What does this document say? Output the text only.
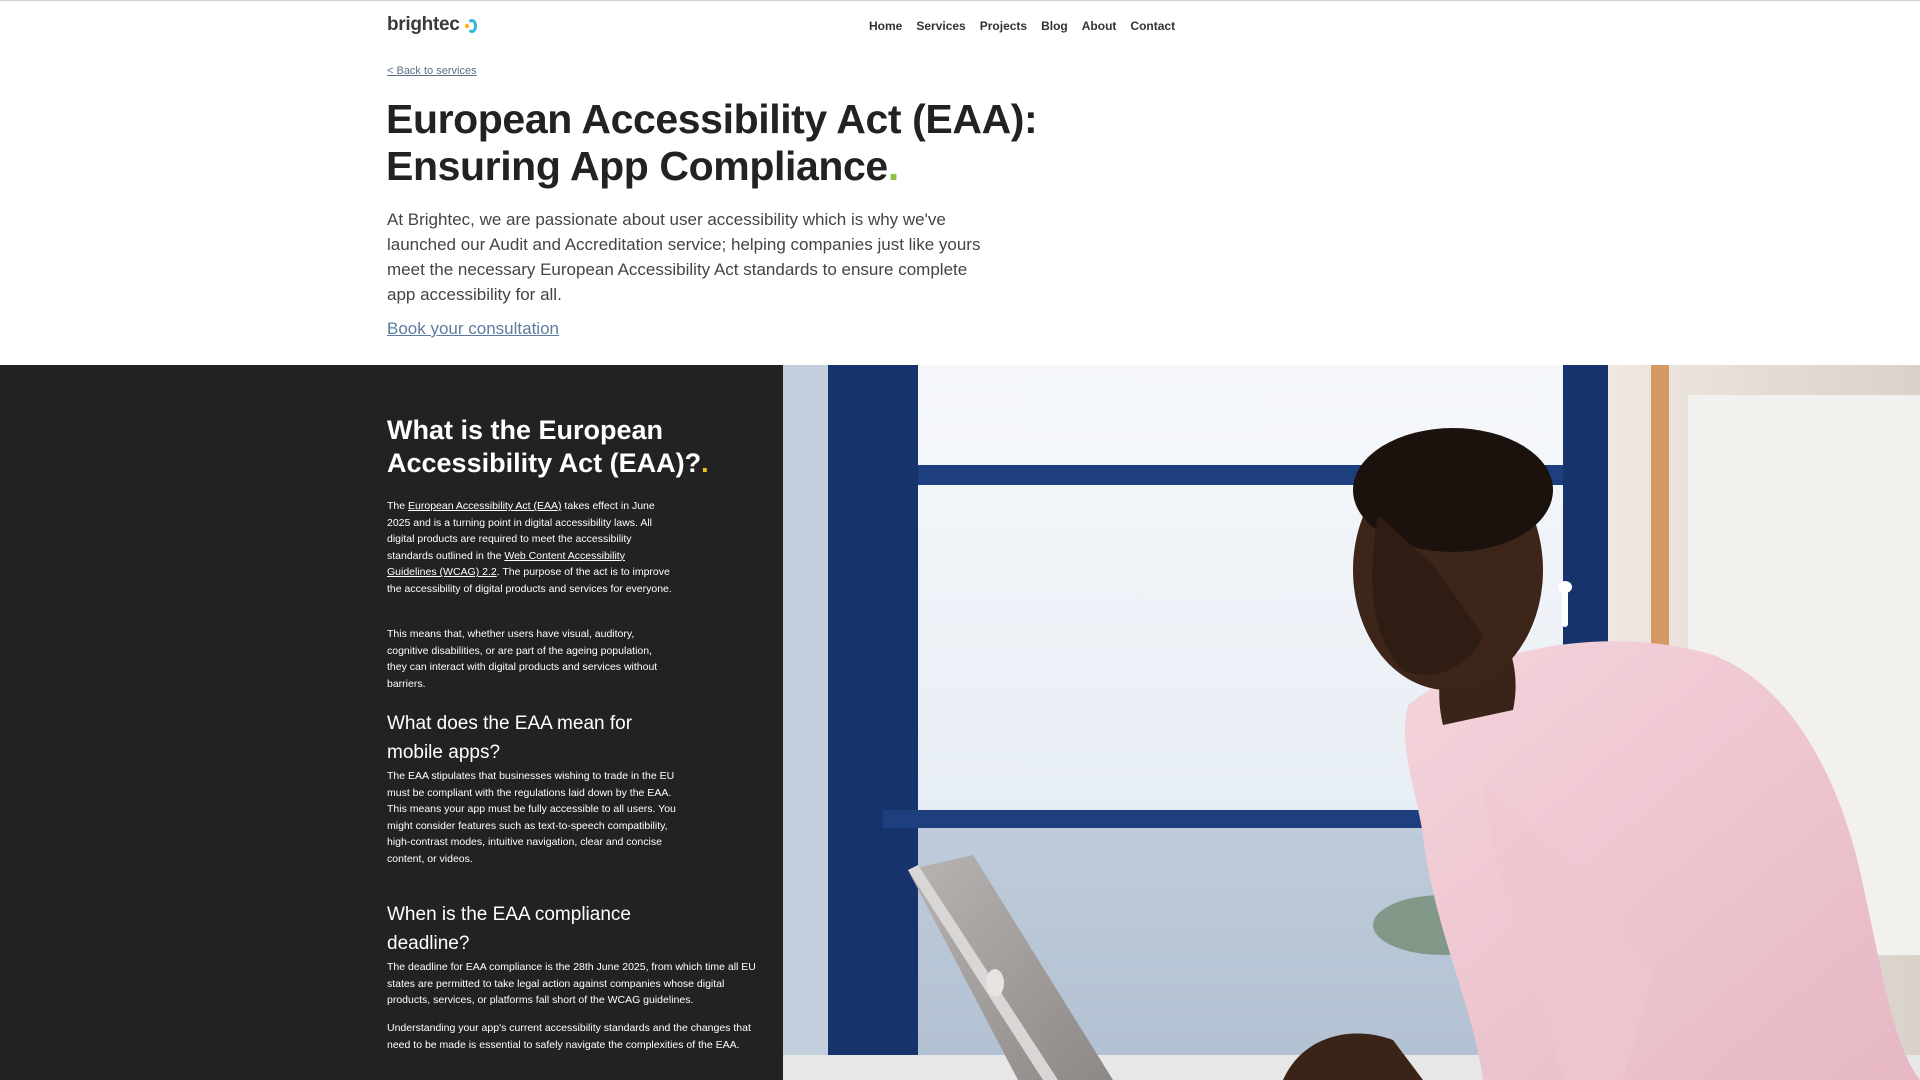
brightec	Home Services Projects Blog About Contact
< Back to services
European Accessibility Act (EAA):
Ensuring App Compliance.

At Brightec, we are passionate about user accessibility which is why we've launched our Audit and Accreditation service; helping companies just like yours meet the necessary European Accessibility Act standards to ensure complete app accessibility for all.

Book your consultation
What is the European Accessibility Act (EAA)?.

The European Accessibility Act (EAA) takes effect in June 2025 and is a turning point in digital accessibility laws. All digital products are required to meet the accessibility standards outlined in the Web Content Accessibility Guidelines (WCAG) 2.2. The purpose of the act is to improve the accessibility of digital products and services for everyone.

This means that, whether users have visual, auditory, cognitive disabilities, or are part of the ageing population, they can interact with digital products and services without barriers.

What does the EAA mean for mobile apps?

The EAA stipulates that businesses wishing to trade in the EU must be compliant with the regulations laid down by the EAA. This means your app must be fully accessible to all users. You might consider features such as text-to-speech compatibility, high-contrast modes, intuitive navigation, clear and concise content, or videos.

When is the EAA compliance deadline?

The deadline for EAA compliance is the 28th June 2025, from which time all EU states are permitted to take legal action against companies whose digital products, services, or platforms fall short of the WCAG guidelines.

Understanding your app's current accessibility standards and the changes that need to be made is essential to safely navigate the complexities of the EAA.
